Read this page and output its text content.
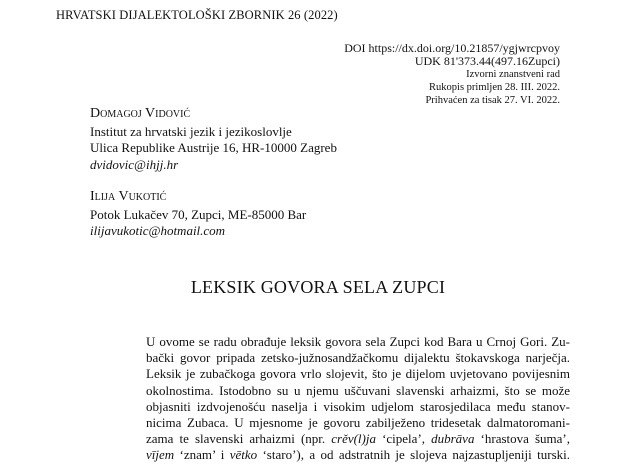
HRVATSKI DIJALEKTOLOŠKI ZBORNIK 26 (2022)
DOI https://dx.doi.org/10.21857/ygjwrcpvoy
UDK 81'373.44(497.16Zupci)
Izvorni znanstveni rad
Rukopis primljen 28. III. 2022.
Prihvaćen za tisak 27. VI. 2022.
Domagoj Vidović
Institut za hrvatski jezik i jezikoslovlje
Ulica Republike Austrije 16, HR-10000 Zagreb
dvidovic@ihjj.hr
Ilija Vukotić
Potok Lukačev 70, Zupci, ME-85000 Bar
ilijavukotic@hotmail.com
LEKSIK GOVORA SELA ZUPCI
U ovome se radu obrađuje leksik govora sela Zupci kod Bara u Crnoj Gori. Zu-
bački govor pripada zetsko-južnosandžačkomu dijalektu štokavskoga narječja.
Leksik je zubačkoga govora vrlo slojevit, što je dijelom uvjetovano povijesnim
okolnostima. Istodobno su u njemu uščuvani slavenski arhaizmi, što se može
objasniti izdvojenošću naselja i visokim udjelom starosjedilaca među stanov-
nicima Zubaca. U mjesnome je govoru zabilježeno tridesetak dalmatoromani-
zama te slavenski arhaizmi (npr. crěv(l)ja ‘cipela’, dubrāva ‘hrastova šuma’,
vījem ‘znam’ i vētko ‘staro’), a od adstratnih je slojeva najzastupljeniji turski.
